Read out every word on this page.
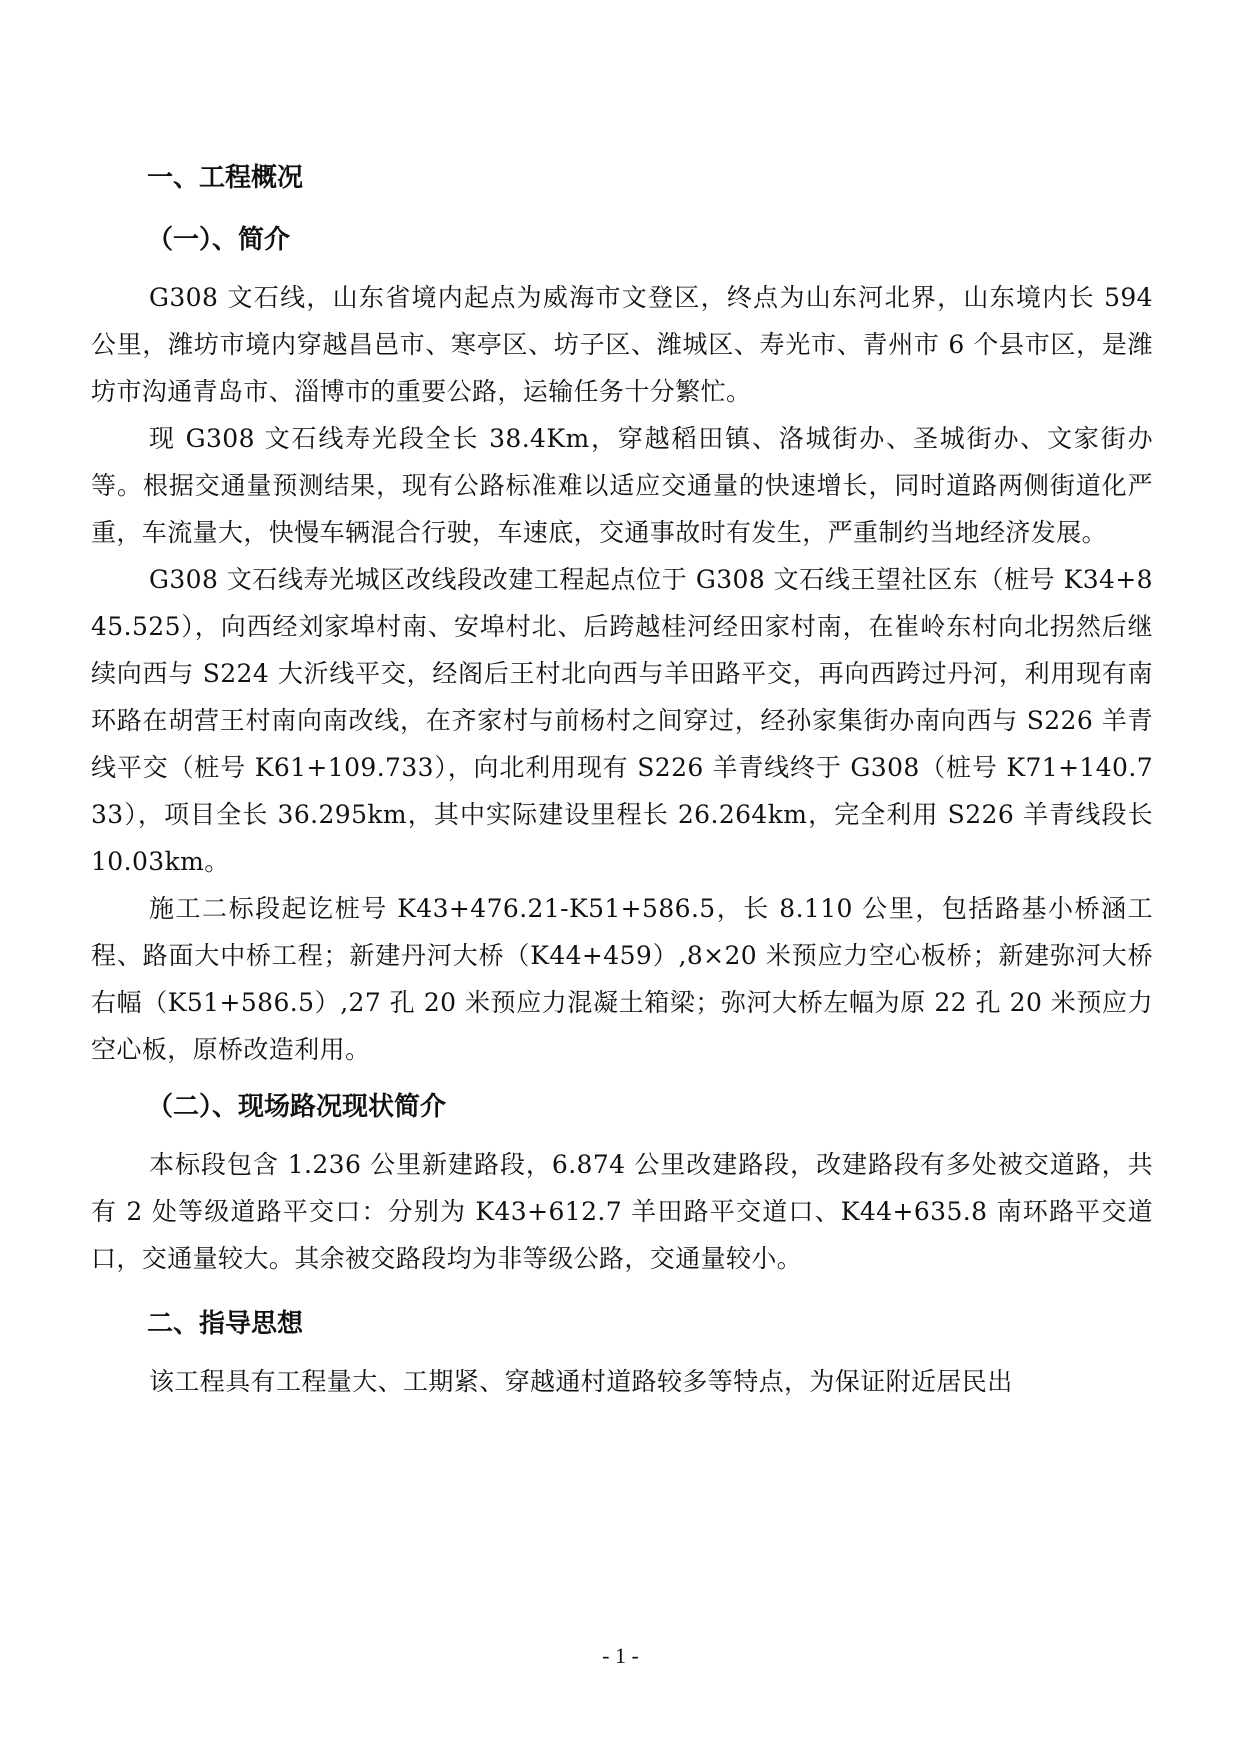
一、工程概况
（一）、简介

G308 文石线，山东省境内起点为威海市文登区，终点为山东河北界，山东境内长 594 公里，潍坊市境内穿越昌邑市、寒亭区、坊子区、潍城区、寿光市、青州市 6 个县市区，是潍坊市沟通青岛市、淄博市的重要公路，运输任务十分繁忙。

现 G308 文石线寿光段全长 38.4Km，穿越稻田镇、洛城街办、圣城街办、文家街办等。根据交通量预测结果，现有公路标准难以适应交通量的快速增长，同时道路两侧街道化严重，车流量大，快慢车辆混合行驶，车速底，交通事故时有发生，严重制约当地经济发展。

G308 文石线寿光城区改线段改建工程起点位于 G308 文石线王望社区东（桩号 K34+845.525），向西经刘家埠村南、安埠村北、后跨越桂河经田家村南，在崔岭东村向北拐然后继续向西与 S224 大沂线平交，经阁后王村北向西与羊田路平交，再向西跨过丹河，利用现有南环路在胡营王村南向南改线，在齐家村与前杨村之间穿过，经孙家集街办南向西与 S226 羊青线平交（桩号 K61+109.733），向北利用现有 S226 羊青线终于 G308（桩号 K71+140.733），项目全长 36.295km，其中实际建设里程长 26.264km，完全利用 S226 羊青线段长 10.03km。

施工二标段起讫桩号 K43+476.21-K51+586.5，长 8.110 公里，包括路基小桥涵工程、路面大中桥工程；新建丹河大桥（K44+459）,8×20 米预应力空心板桥；新建弥河大桥右幅（K51+586.5）,27 孔 20 米预应力混凝土箱梁；弥河大桥左幅为原 22 孔 20 米预应力空心板，原桥改造利用。

（二）、现场路况现状简介

本标段包含 1.236 公里新建路段，6.874 公里改建路段，改建路段有多处被交道路，共有 2 处等级道路平交口：分别为 K43+612.7 羊田路平交道口、K44+635.8 南环路平交道口，交通量较大。其余被交路段均为非等级公路，交通量较小。

二、指导思想

该工程具有工程量大、工期紧、穿越通村道路较多等特点，为保证附近居民出

- 1 -
